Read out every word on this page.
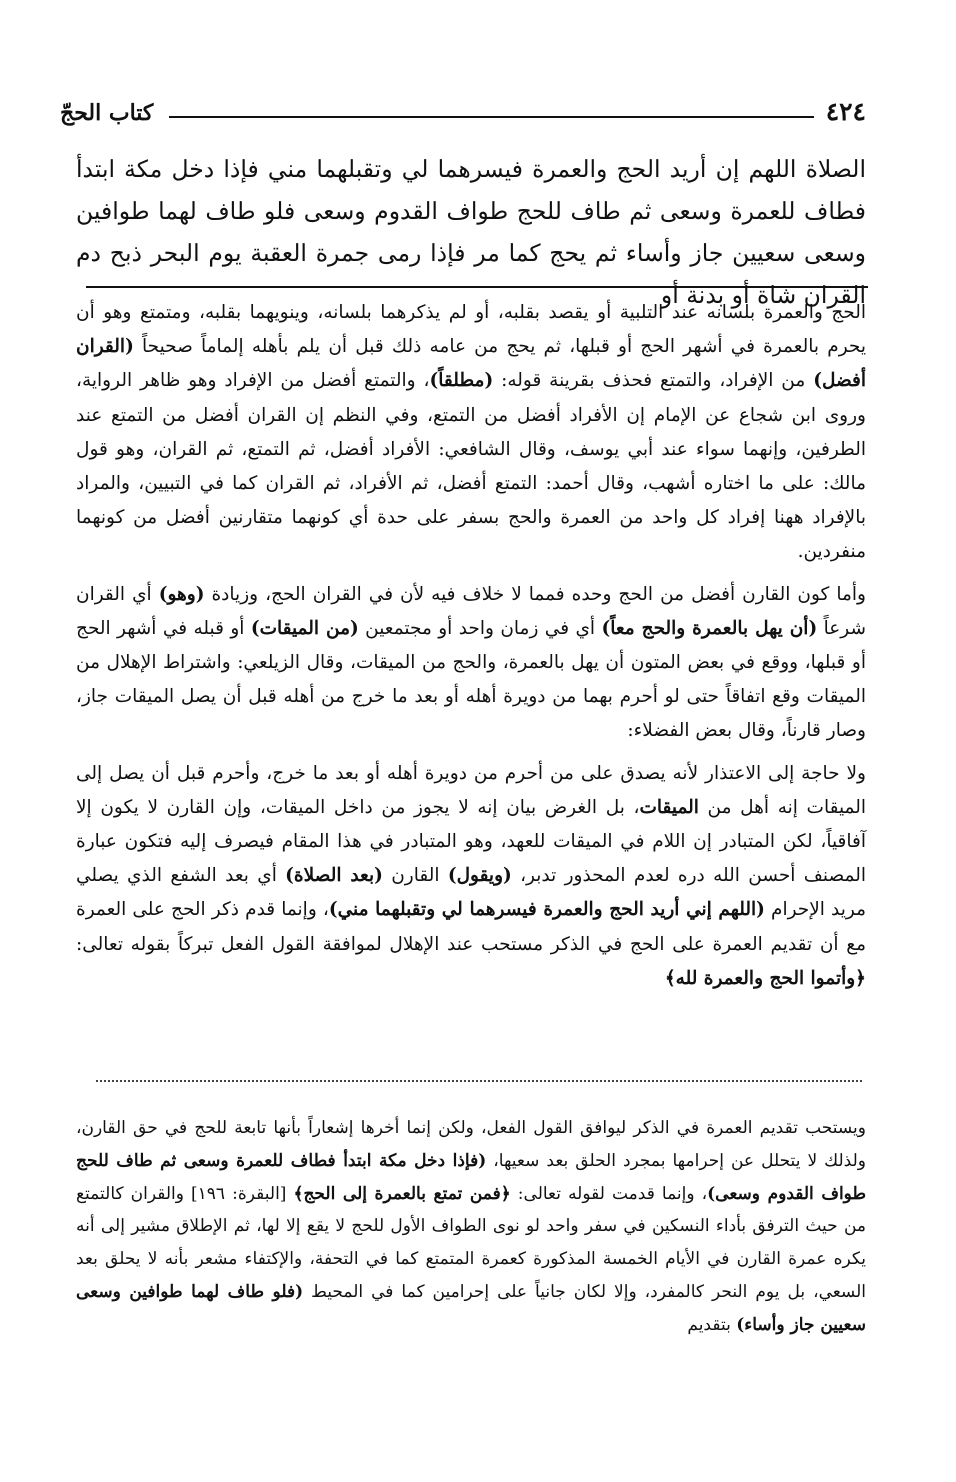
٤٢٤
كتاب الحجّ

الصلاة اللهم إن أريد الحج والعمرة فيسرهما لي وتقبلهما مني فإذا دخل مكة ابتدأ فطاف للعمرة وسعى ثم طاف للحج طواف القدوم وسعى فلو طاف لهما طوافين وسعى سعيين جاز وأساء ثم يحج كما مر فإذا رمى جمرة العقبة يوم البحر ذبح دم القران شاة أو بدنة أو

الحج والعمرة بلسانه عند التلبية أو يقصد بقلبه، أو لم يذكرهما بلسانه، وينويهما بقلبه، ومتمتع وهو أن يحرم بالعمرة في أشهر الحج أو قبلها، ثم يحج من عامه ذلك قبل أن يلم بأهله إلماماً صحيحاً (القران أفضل) من الإفراد، والتمتع فحذف بقرينة قوله: (مطلقاً)، والتمتع أفضل من الإفراد وهو ظاهر الرواية، وروى ابن شجاع عن الإمام إن الأفراد أفضل من التمتع، وفي النظم إن القران أفضل من التمتع عند الطرفين، وإنهما سواء عند أبي يوسف، وقال الشافعي: الأفراد أفضل، ثم التمتع، ثم القران، وهو قول مالك: على ما اختاره أشهب، وقال أحمد: التمتع أفضل، ثم الأفراد، ثم القران كما في التبيين، والمراد بالإفراد ههنا إفراد كل واحد من العمرة والحج بسفر على حدة أي كونهما متقارنين أفضل من كونهما منفردين.

وأما كون القارن أفضل من الحج وحده فمما لا خلاف فيه لأن في القران الحج، وزيادة (وهو) أي القران شرعاً (أن يهل بالعمرة والحج معاً) أي في زمان واحد أو مجتمعين (من الميقات) أو قبله في أشهر الحج أو قبلها، ووقع في بعض المتون أن يهل بالعمرة، والحج من الميقات، وقال الزيلعي: واشتراط الإهلال من الميقات وقع اتفاقاً حتى لو أحرم بهما من دويرة أهله أو بعد ما خرج من أهله قبل أن يصل الميقات جاز، وصار قارناً، وقال بعض الفضلاء:

ولا حاجة إلى الاعتذار لأنه يصدق على من أحرم من دويرة أهله أو بعد ما خرج، وأحرم قبل أن يصل إلى الميقات إنه أهل من الميقات، بل الغرض بيان إنه لا يجوز من داخل الميقات، وإن القارن لا يكون إلا آفاقياً، لكن المتبادر إن اللام في الميقات للعهد، وهو المتبادر في هذا المقام فيصرف إليه فتكون عبارة المصنف أحسن الله دره لعدم المحذور تدبر، (ويقول) القارن (بعد الصلاة) أي بعد الشفع الذي يصلي مريد الإحرام (اللهم إني أريد الحج والعمرة فيسرهما لي وتقبلهما مني)، وإنما قدم ذكر الحج على العمرة مع أن تقديم العمرة على الحج في الذكر مستحب عند الإهلال لموافقة القول الفعل تبركاً بقوله تعالى: ﴿وأتموا الحج والعمرة لله﴾

ويستحب تقديم العمرة في الذكر ليوافق القول الفعل، ولكن إنما أخرها إشعاراً بأنها تابعة للحج في حق القارن، ولذلك لا يتحلل عن إحرامها بمجرد الحلق بعد سعيها، (فإذا دخل مكة ابتدأ فطاف للعمرة وسعى ثم طاف للحج طواف القدوم وسعى)، وإنما قدمت لقوله تعالى: ﴿فمن تمتع بالعمرة إلى الحج﴾ [البقرة: ١٩٦] والقران كالتمتع من حيث الترفق بأداء النسكين في سفر واحد لو نوى الطواف الأول للحج لا يقع إلا لها، ثم الإطلاق مشير إلى أنه يكره عمرة القارن في الأيام الخمسة المذكورة كعمرة المتمتع كما في التحفة، والإكتفاء مشعر بأنه لا يحلق بعد السعي، بل يوم النحر كالمفرد، وإلا لكان جانياً على إحرامين كما في المحيط (فلو طاف لهما طوافين وسعى سعيين جاز وأساء) بتقديم
